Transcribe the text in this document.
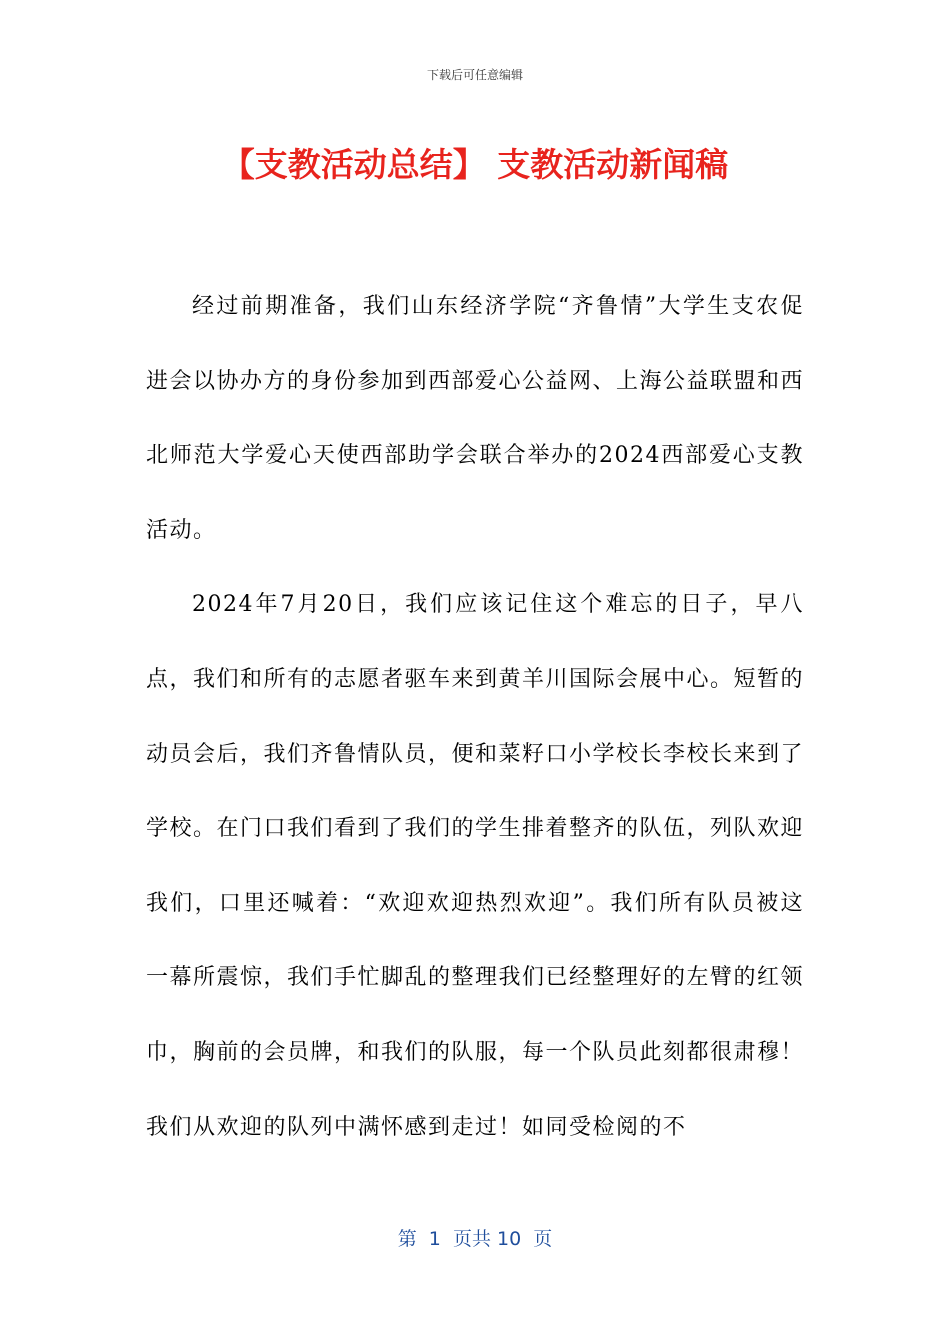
下载后可任意编辑
【支教活动总结】 支教活动新闻稿

经过前期准备，我们山东经济学院“齐鲁情”大学生支农促进会以协办方的身份参加到西部爱心公益网、上海公益联盟和西北师范大学爱心天使西部助学会联合举办的2024西部爱心支教活动。

2024年7月20日，我们应该记住这个难忘的日子，早八点，我们和所有的志愿者驱车来到黄羊川国际会展中心。短暂的动员会后，我们齐鲁情队员，便和菜籽口小学校长李校长来到了学校。在门口我们看到了我们的学生排着整齐的队伍，列队欢迎我们，口里还喊着：“欢迎欢迎热烈欢迎”。我们所有队员被这一幕所震惊，我们手忙脚乱的整理我们已经整理好的左臂的红领巾，胸前的会员牌，和我们的队服，每一个队员此刻都很肃穆！我们从欢迎的队列中满怀感到走过！如同受检阅的不

第  1  页共 10  页
